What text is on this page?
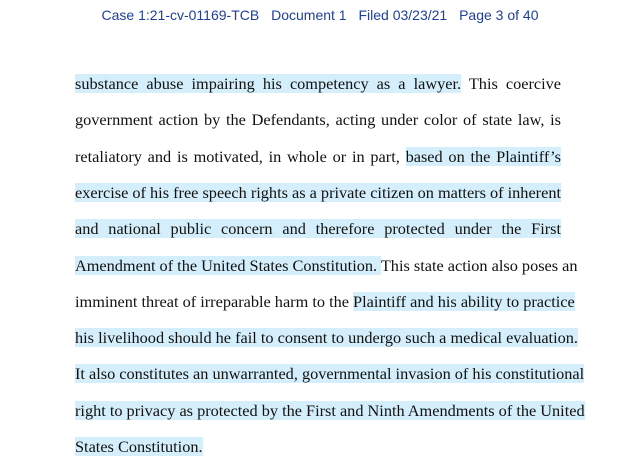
Case 1:21-cv-01169-TCB Document 1 Filed 03/23/21 Page 3 of 40
substance abuse impairing his competency as a lawyer. This coercive
government action by the Defendants, acting under color of state law, is
retaliatory and is motivated, in whole or in part, based on the Plaintiff’s
exercise of his free speech rights as a private citizen on matters of inherent
and national public concern and therefore protected under the First
Amendment of the United States Constitution. This state action also poses an
imminent threat of irreparable harm to the Plaintiff and his ability to practice
his livelihood should he fail to consent to undergo such a medical evaluation.
It also constitutes an unwarranted, governmental invasion of his constitutional
right to privacy as protected by the First and Ninth Amendments of the United
States Constitution.
